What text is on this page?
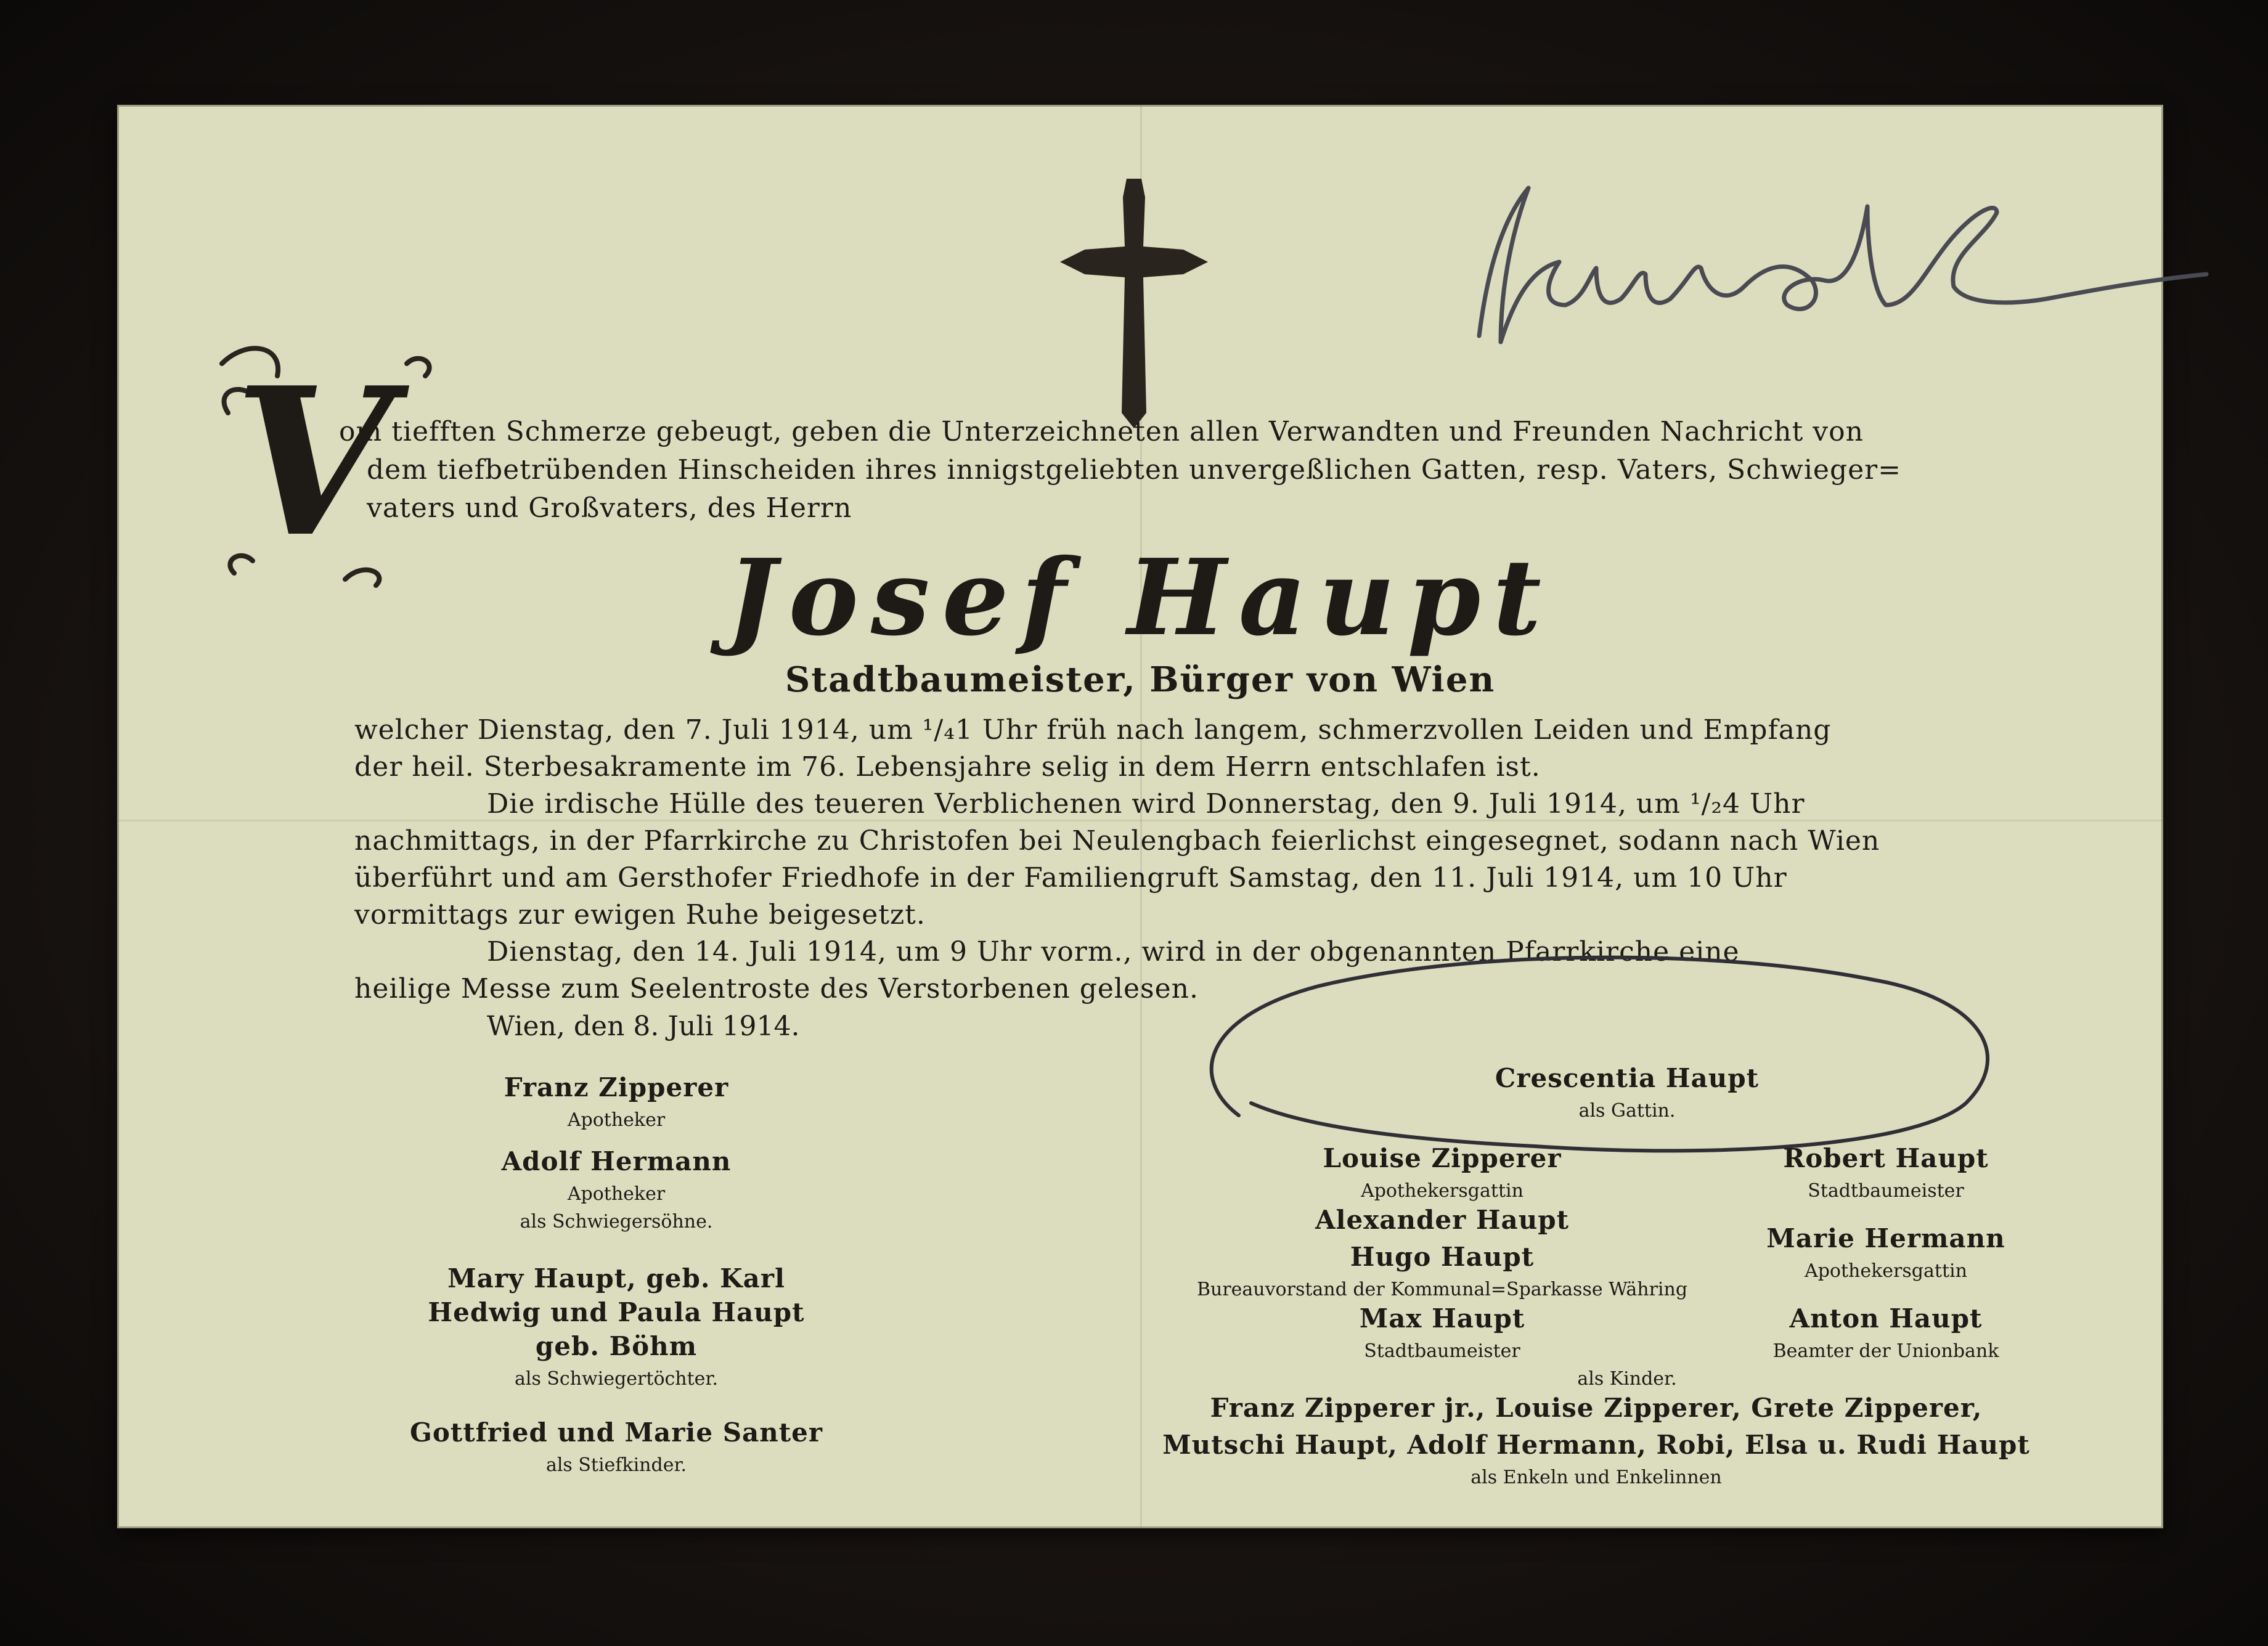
V
om tiefften Schmerze gebeugt, geben die Unterzeichneten allen Verwandten und Freunden Nachricht von
dem tiefbetrübenden Hinscheiden ihres innigstgeliebten unvergeßlichen Gatten, resp. Vaters, Schwieger=
vaters und Großvaters, des Herrn
Josef Haupt
Stadtbaumeister, Bürger von Wien
welcher Dienstag, den 7. Juli 1914, um ¹/₄1 Uhr früh nach langem, schmerzvollen Leiden und Empfang
der heil. Sterbesakramente im 76. Lebensjahre selig in dem Herrn entschlafen ist.
Die irdische Hülle des teueren Verblichenen wird Donnerstag, den 9. Juli 1914, um ¹/₂4 Uhr
nachmittags, in der Pfarrkirche zu Christofen bei Neulengbach feierlichst eingesegnet, sodann nach Wien
überführt und am Gersthofer Friedhofe in der Familiengruft Samstag, den 11. Juli 1914, um 10 Uhr
vormittags zur ewigen Ruhe beigesetzt.
Dienstag, den 14. Juli 1914, um 9 Uhr vorm., wird in der obgenannten Pfarrkirche eine
heilige Messe zum Seelentroste des Verstorbenen gelesen.
Wien, den 8. Juli 1914.
Franz Zipperer
Apotheker
Adolf Hermann
Apotheker
als Schwiegersöhne.
Mary Haupt, geb. Karl
Hedwig und Paula Haupt
geb. Böhm
als Schwiegertöchter.
Gottfried und Marie Santer
als Stiefkinder.
Crescentia Haupt
als Gattin.
Louise Zipperer
Apothekersgattin
Robert Haupt
Stadtbaumeister
Alexander Haupt
Marie Hermann
Apothekersgattin
Hugo Haupt
Bureauvorstand der Kommunal=Sparkasse Währing
Max Haupt
Stadtbaumeister
Anton Haupt
Beamter der Unionbank
als Kinder.
Franz Zipperer jr., Louise Zipperer, Grete Zipperer,
Mutschi Haupt, Adolf Hermann, Robi, Elsa u. Rudi Haupt
als Enkeln und Enkelinnen
